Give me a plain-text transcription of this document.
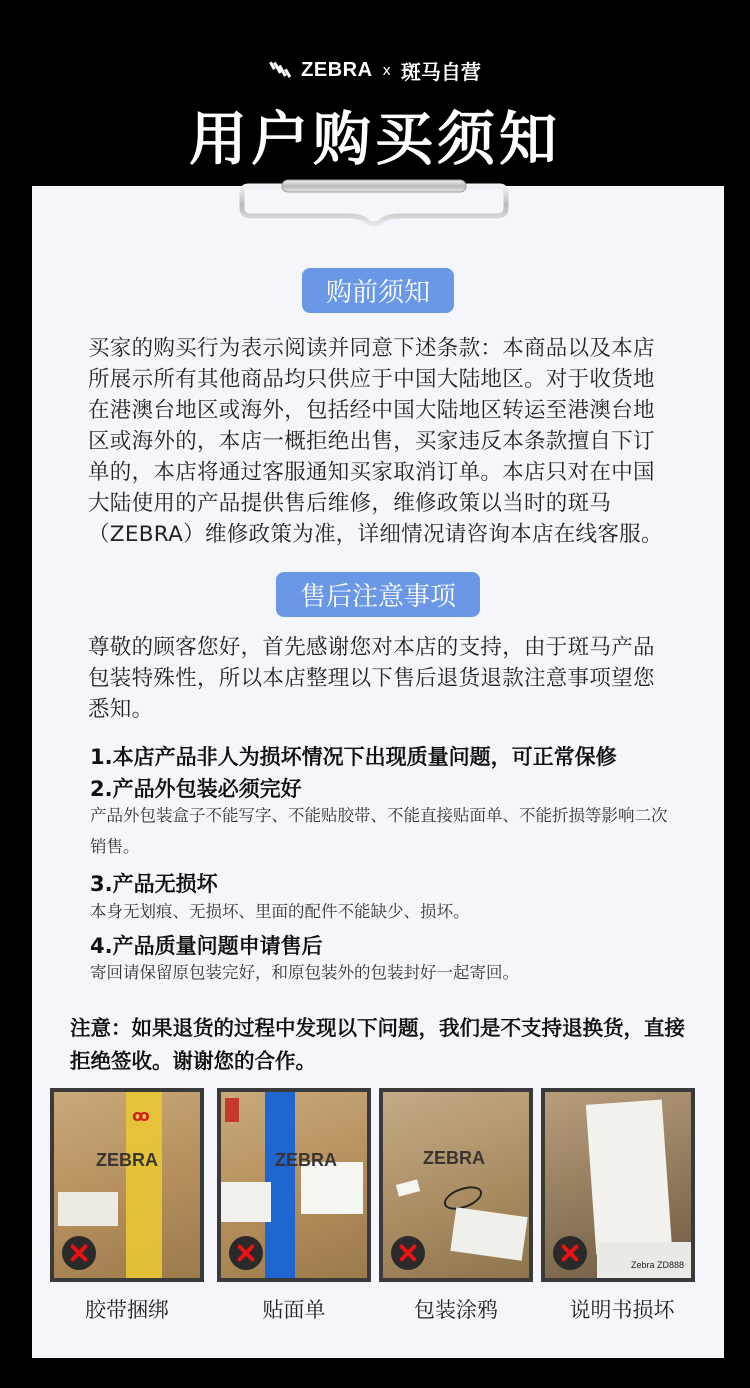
ZEBRA x 斑马自营
用户购买须知
购前须知
买家的购买行为表示阅读并同意下述条款：本商品以及本店所展示所有其他商品均只供应于中国大陆地区。对于收货地在港澳台地区或海外，包括经中国大陆地区转运至港澳台地区或海外的，本店一概拒绝出售，买家违反本条款擅自下订单的，本店将通过客服通知买家取消订单。本店只对在中国大陆使用的产品提供售后维修，维修政策以当时的斑马（ZEBRA）维修政策为准，详细情况请咨询本店在线客服。
售后注意事项
尊敬的顾客您好，首先感谢您对本店的支持，由于斑马产品包装特殊性，所以本店整理以下售后退货退款注意事项望您悉知。
1.本店产品非人为损坏情况下出现质量问题，可正常保修
2.产品外包装必须完好
产品外包装盒子不能写字、不能贴胶带、不能直接贴面单、不能折损等影响二次销售。
3.产品无损坏
本身无划痕、无损坏、里面的配件不能缺少、损坏。
4.产品质量问题申请售后
寄回请保留原包装完好，和原包装外的包装封好一起寄回。
注意：如果退货的过程中发现以下问题，我们是不支持退换货，直接拒绝签收。谢谢您的合作。
ꝏ
ZEBRA
胶带捆绑
ZEBRA
贴面单
ZEBRA
包装涂鸦
Zebra ZD888
说明书损坏
